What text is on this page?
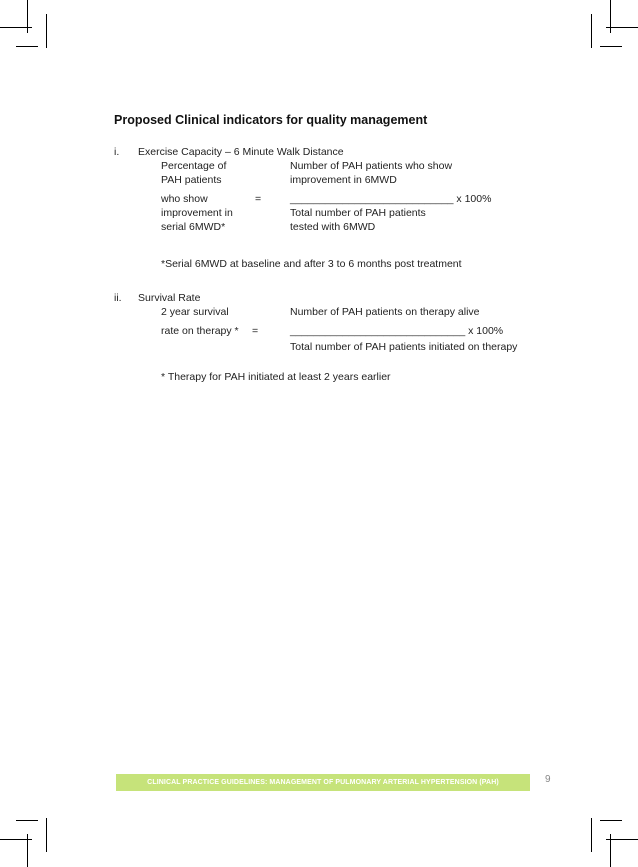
Proposed Clinical indicators for quality management
i. Exercise Capacity – 6 Minute Walk Distance
Percentage of
PAH patients
who show
improvement in
serial 6MWD*
=
Number of PAH patients who show
improvement in 6MWD
____________________________ x 100%
Total number of PAH patients
tested with 6MWD
*Serial 6MWD at baseline and after 3 to 6 months post treatment
ii. Survival Rate
2 year survival
rate on therapy * =
Number of PAH patients on therapy alive
______________________________ x 100%
Total number of PAH patients initiated on therapy
* Therapy for PAH initiated at least 2 years earlier
CLINICAL PRACTICE GUIDELINES: MANAGEMENT OF PULMONARY ARTERIAL HYPERTENSION (PAH)	9
